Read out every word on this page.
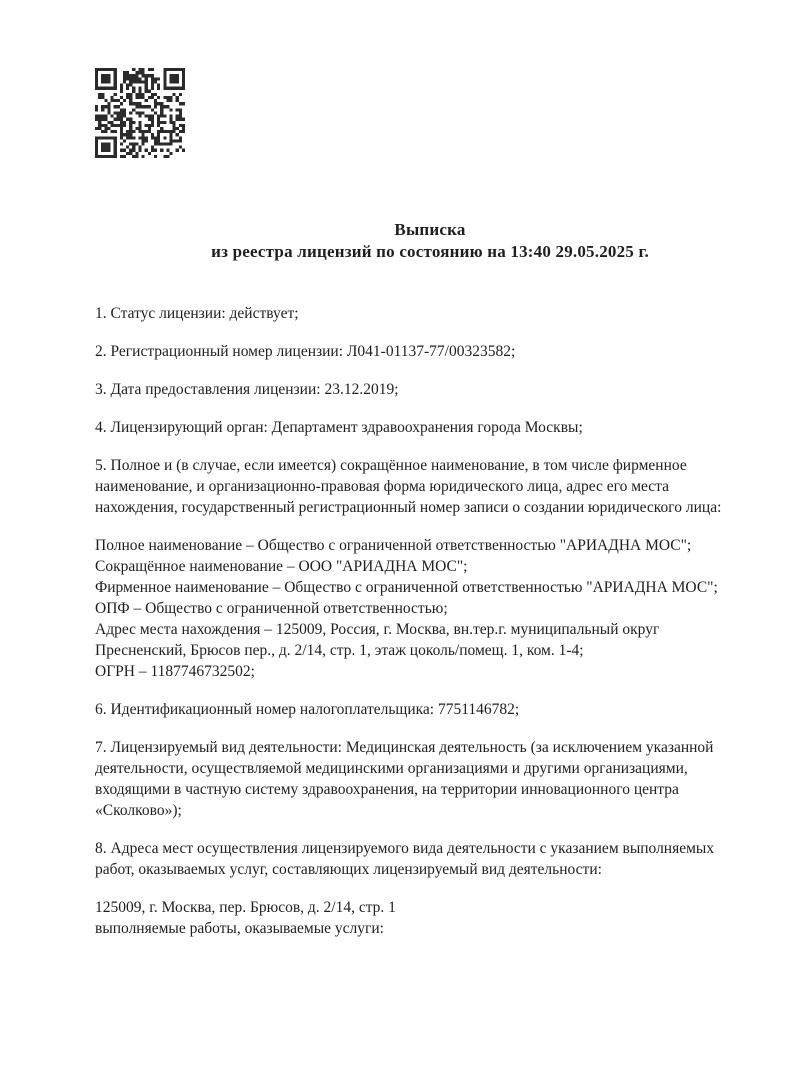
Выписка
из реестра лицензий по состоянию на 13:40 29.05.2025 г.
1. Статус лицензии: действует;
2. Регистрационный номер лицензии: Л041-01137-77/00323582;
3. Дата предоставления лицензии: 23.12.2019;
4. Лицензирующий орган: Департамент здравоохранения города Москвы;
5. Полное и (в случае, если имеется) сокращённое наименование, в том числе фирменное
наименование, и организационно-правовая форма юридического лица, адрес его места
нахождения, государственный регистрационный номер записи о создании юридического лица:
Полное наименование – Общество с ограниченной ответственностью "АРИАДНА МОС";
Сокращённое наименование – ООО "АРИАДНА МОС";
Фирменное наименование – Общество с ограниченной ответственностью "АРИАДНА МОС";
ОПФ – Общество с ограниченной ответственностью;
Адрес места нахождения – 125009, Россия, г. Москва, вн.тер.г. муниципальный округ
Пресненский, Брюсов пер., д. 2/14, стр. 1, этаж цоколь/помещ. 1, ком. 1-4;
ОГРН – 1187746732502;
6. Идентификационный номер налогоплательщика: 7751146782;
7. Лицензируемый вид деятельности: Медицинская деятельность (за исключением указанной
деятельности, осуществляемой медицинскими организациями и другими организациями,
входящими в частную систему здравоохранения, на территории инновационного центра
«Сколково»);
8. Адреса мест осуществления лицензируемого вида деятельности с указанием выполняемых
работ, оказываемых услуг, составляющих лицензируемый вид деятельности:
125009, г. Москва, пер. Брюсов, д. 2/14, стр. 1
выполняемые работы, оказываемые услуги:
